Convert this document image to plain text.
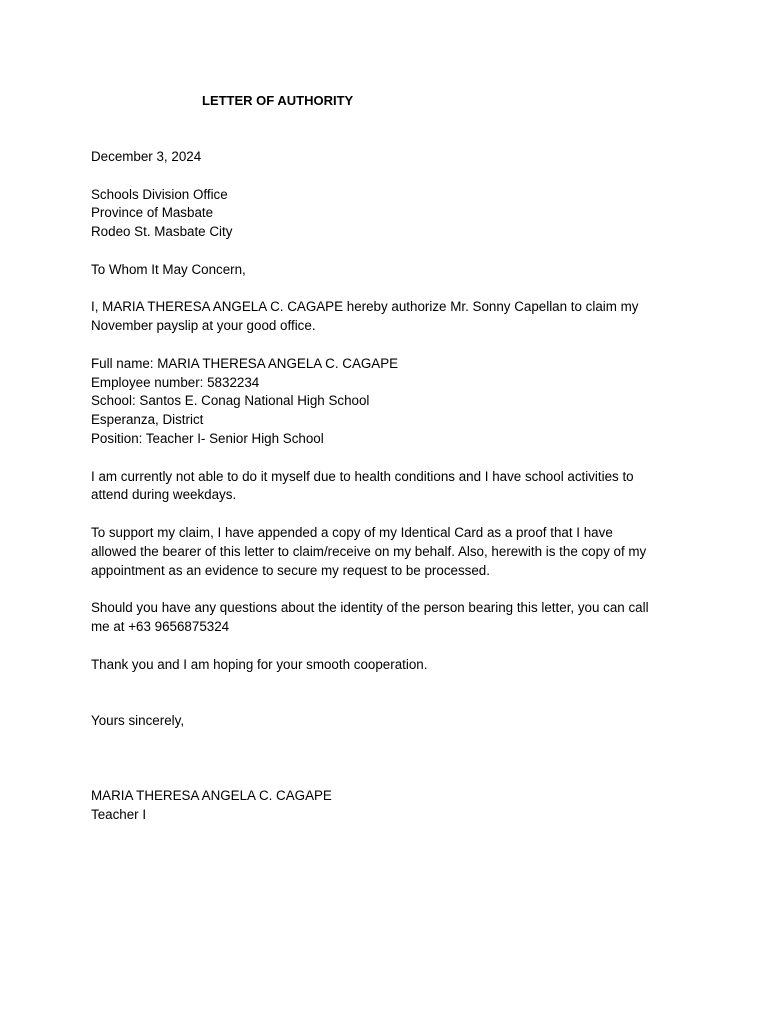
LETTER OF AUTHORITY
December 3, 2024
Schools Division Office
Province of Masbate
Rodeo St. Masbate City
To Whom It May Concern,
I, MARIA THERESA ANGELA C. CAGAPE hereby authorize Mr. Sonny Capellan to claim my
November payslip at your good office.
Full name: MARIA THERESA ANGELA C. CAGAPE
Employee number: 5832234
School: Santos E. Conag National High School
Esperanza, District
Position: Teacher I- Senior High School
I am currently not able to do it myself due to health conditions and I have school activities to
attend during weekdays.
To support my claim, I have appended a copy of my Identical Card as a proof that I have
allowed the bearer of this letter to claim/receive on my behalf. Also, herewith is the copy of my
appointment as an evidence to secure my request to be processed.
Should you have any questions about the identity of the person bearing this letter, you can call
me at +63 9656875324
Thank you and I am hoping for your smooth cooperation.
Yours sincerely,
MARIA THERESA ANGELA C. CAGAPE
Teacher I
